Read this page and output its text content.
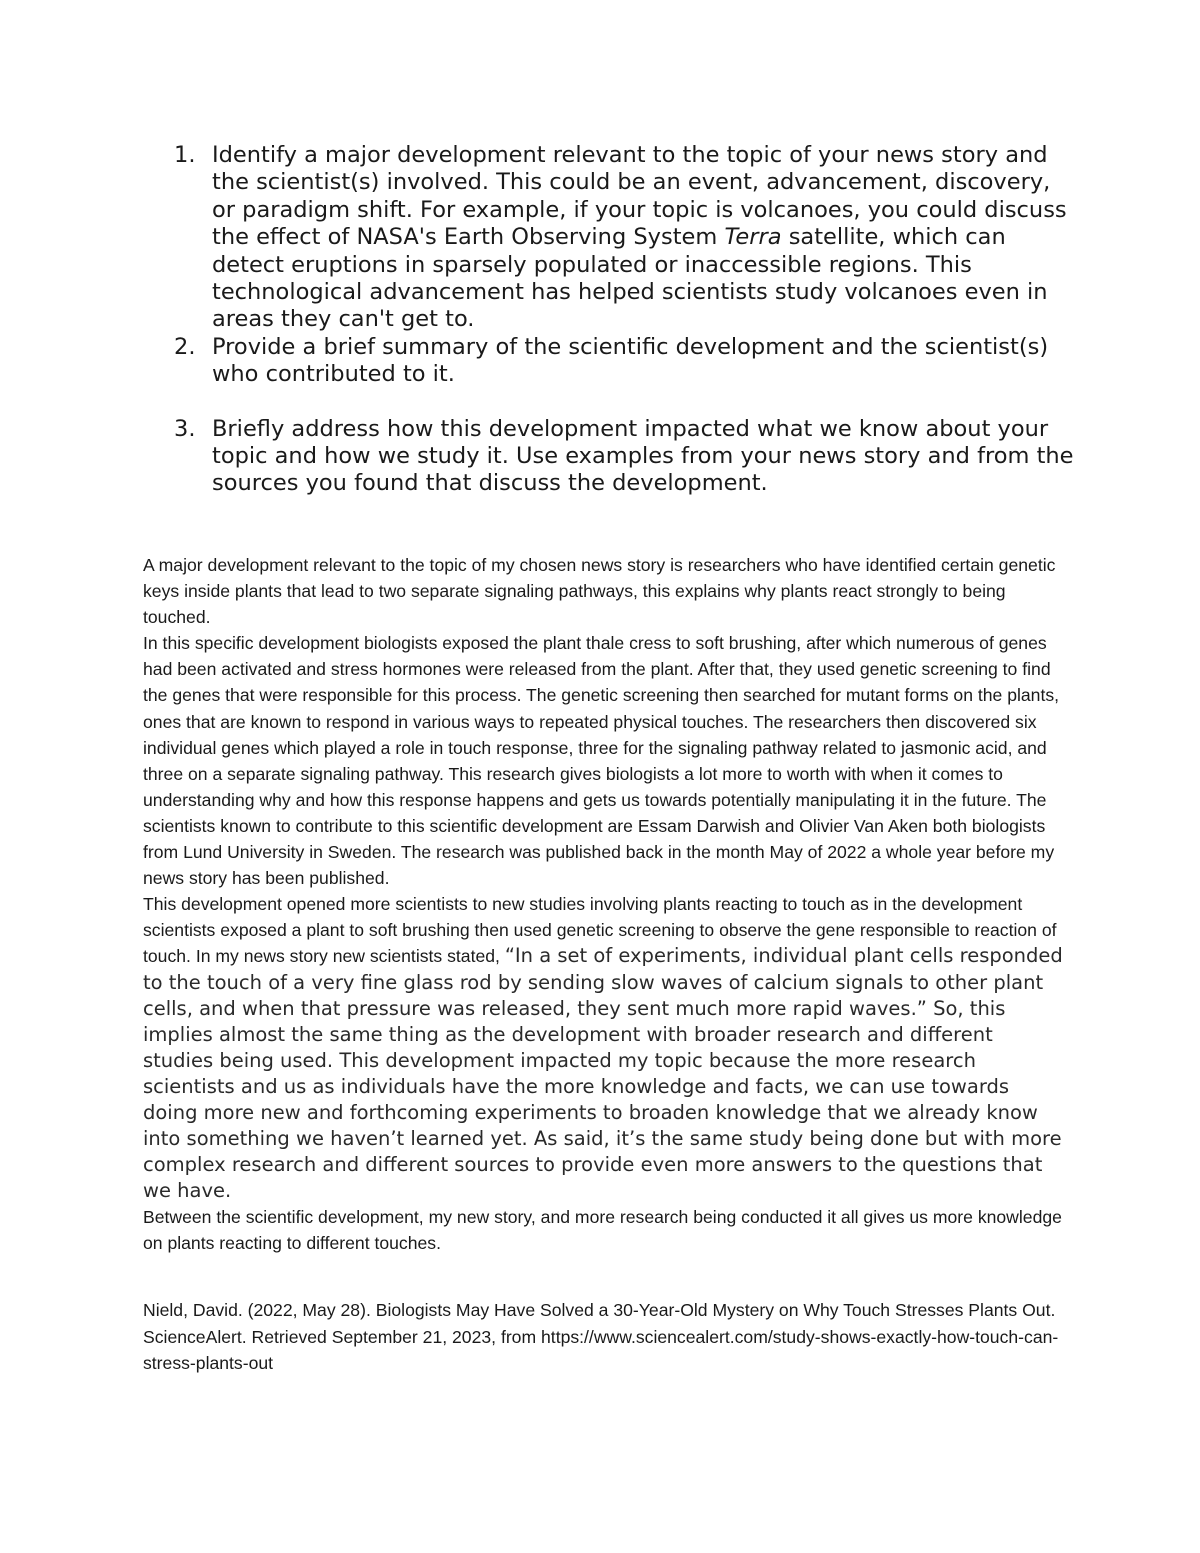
1. Identify a major development relevant to the topic of your news story and the scientist(s) involved. This could be an event, advancement, discovery, or paradigm shift. For example, if your topic is volcanoes, you could discuss the effect of NASA's Earth Observing System Terra satellite, which can detect eruptions in sparsely populated or inaccessible regions. This technological advancement has helped scientists study volcanoes even in areas they can't get to.
2. Provide a brief summary of the scientific development and the scientist(s) who contributed to it.
3. Briefly address how this development impacted what we know about your topic and how we study it. Use examples from your news story and from the sources you found that discuss the development.

A major development relevant to the topic of my chosen news story is researchers who have identified certain genetic keys inside plants that lead to two separate signaling pathways, this explains why plants react strongly to being touched.

In this specific development biologists exposed the plant thale cress to soft brushing, after which numerous of genes had been activated and stress hormones were released from the plant. After that, they used genetic screening to find the genes that were responsible for this process. The genetic screening then searched for mutant forms on the plants, ones that are known to respond in various ways to repeated physical touches. The researchers then discovered six individual genes which played a role in touch response, three for the signaling pathway related to jasmonic acid, and three on a separate signaling pathway. This research gives biologists a lot more to worth with when it comes to understanding why and how this response happens and gets us towards potentially manipulating it in the future. The scientists known to contribute to this scientific development are Essam Darwish and Olivier Van Aken both biologists from Lund University in Sweden. The research was published back in the month May of 2022 a whole year before my news story has been published.

This development opened more scientists to new studies involving plants reacting to touch as in the development scientists exposed a plant to soft brushing then used genetic screening to observe the gene responsible to reaction of touch. In my news story new scientists stated, “In a set of experiments, individual plant cells responded to the touch of a very fine glass rod by sending slow waves of calcium signals to other plant cells, and when that pressure was released, they sent much more rapid waves.” So, this implies almost the same thing as the development with broader research and different studies being used. This development impacted my topic because the more research scientists and us as individuals have the more knowledge and facts, we can use towards doing more new and forthcoming experiments to broaden knowledge that we already know into something we haven’t learned yet. As said, it’s the same study being done but with more complex research and different sources to provide even more answers to the questions that we have.

Between the scientific development, my new story, and more research being conducted it all gives us more knowledge on plants reacting to different touches.

Nield, David. (2022, May 28). Biologists May Have Solved a 30-Year-Old Mystery on Why Touch Stresses Plants Out. ScienceAlert. Retrieved September 21, 2023, from https://www.sciencealert.com/study-shows-exactly-how-touch-can-stress-plants-out
